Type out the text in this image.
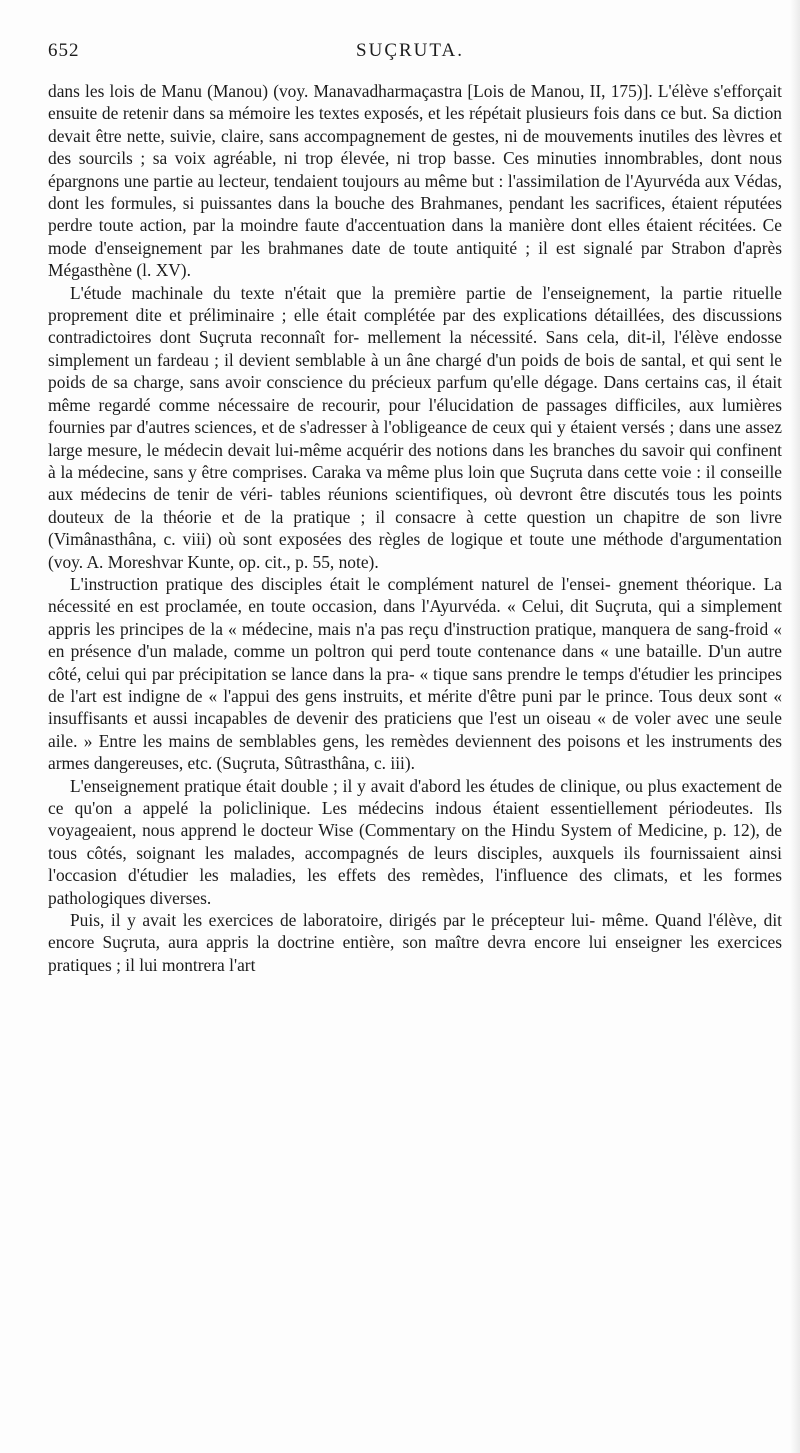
652	SUÇRUTA.

dans les lois de Manu (Manou) (voy. Manavadharmaçastra [Lois de Manou, II, 175)]. L'élève s'efforçait ensuite de retenir dans sa mémoire les textes exposés, et les répétait plusieurs fois dans ce but. Sa diction devait être nette, suivie, claire, sans accompagnement de gestes, ni de mouvements inutiles des lèvres et des sourcils ; sa voix agréable, ni trop élevée, ni trop basse. Ces minuties innombrables, dont nous épargnons une partie au lecteur, tendaient toujours au même but : l'assimilation de l'Ayurvéda aux Védas, dont les formules, si puissantes dans la bouche des Brahmanes, pendant les sacrifices, étaient réputées perdre toute action, par la moindre faute d'accentuation dans la manière dont elles étaient récitées. Ce mode d'enseignement par les brahmanes date de toute antiquité ; il est signalé par Strabon d'après Mégasthène (l. XV).

L'étude machinale du texte n'était que la première partie de l'enseignement, la partie rituelle proprement dite et préliminaire ; elle était complétée par des explications détaillées, des discussions contradictoires dont Suçruta reconnaît for- mellement la nécessité. Sans cela, dit-il, l'élève endosse simplement un fardeau ; il devient semblable à un âne chargé d'un poids de bois de santal, et qui sent le poids de sa charge, sans avoir conscience du précieux parfum qu'elle dégage. Dans certains cas, il était même regardé comme nécessaire de recourir, pour l'élucidation de passages difficiles, aux lumières fournies par d'autres sciences, et de s'adresser à l'obligeance de ceux qui y étaient versés ; dans une assez large mesure, le médecin devait lui-même acquérir des notions dans les branches du savoir qui confinent à la médecine, sans y être comprises. Caraka va même plus loin que Suçruta dans cette voie : il conseille aux médecins de tenir de véri- tables réunions scientifiques, où devront être discutés tous les points douteux de la théorie et de la pratique ; il consacre à cette question un chapitre de son livre (Vimânasthâna, c. viii) où sont exposées des règles de logique et toute une méthode d'argumentation (voy. A. Moreshvar Kunte, op. cit., p. 55, note).

L'instruction pratique des disciples était le complément naturel de l'ensei- gnement théorique. La nécessité en est proclamée, en toute occasion, dans l'Ayurvéda. « Celui, dit Suçruta, qui a simplement appris les principes de la « médecine, mais n'a pas reçu d'instruction pratique, manquera de sang-froid « en présence d'un malade, comme un poltron qui perd toute contenance dans « une bataille. D'un autre côté, celui qui par précipitation se lance dans la pra- « tique sans prendre le temps d'étudier les principes de l'art est indigne de « l'appui des gens instruits, et mérite d'être puni par le prince. Tous deux sont « insuffisants et aussi incapables de devenir des praticiens que l'est un oiseau « de voler avec une seule aile. » Entre les mains de semblables gens, les remèdes deviennent des poisons et les instruments des armes dangereuses, etc. (Suçruta, Sûtrasthâna, c. iii).

L'enseignement pratique était double ; il y avait d'abord les études de clinique, ou plus exactement de ce qu'on a appelé la policlinique. Les médecins indous étaient essentiellement périodeutes. Ils voyageaient, nous apprend le docteur Wise (Commentary on the Hindu System of Medicine, p. 12), de tous côtés, soignant les malades, accompagnés de leurs disciples, auxquels ils fournissaient ainsi l'occasion d'étudier les maladies, les effets des remèdes, l'influence des climats, et les formes pathologiques diverses.

Puis, il y avait les exercices de laboratoire, dirigés par le précepteur lui- même. Quand l'élève, dit encore Suçruta, aura appris la doctrine entière, son maître devra encore lui enseigner les exercices pratiques ; il lui montrera l'art
